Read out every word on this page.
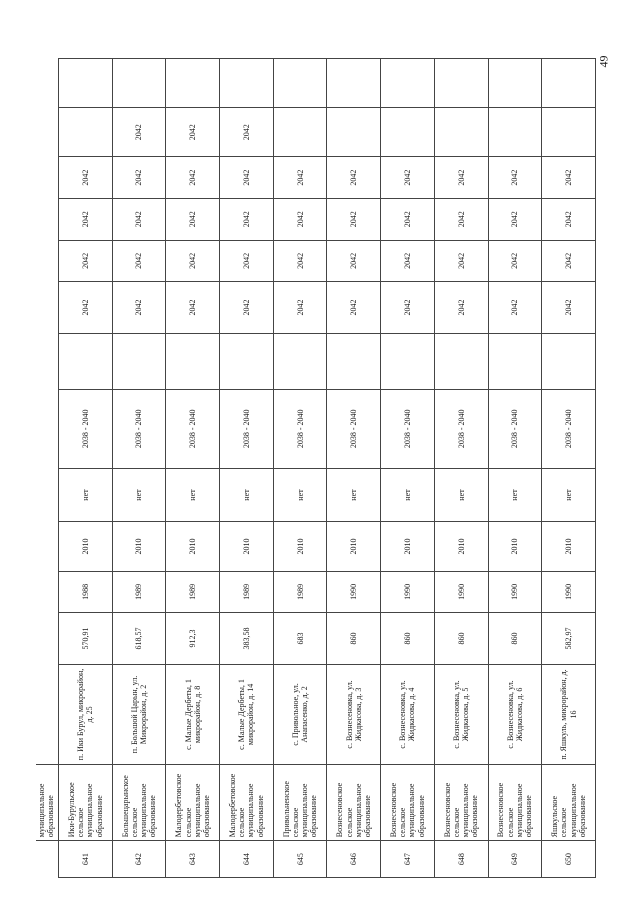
49
	муниципальное образование													
641	Ики-Бурульское сельское муниципальное образование	п. Ики Бурул, микрорайон, д. 25	570,91	1988	2010	нет	2038 - 2040		2042	2042	2042	2042		
642	Большецарынское сельское муниципальное образование	п. Большой Царын, ул. Микрорайон, д. 2	618,57	1989	2010	нет	2038 - 2040		2042	2042	2042	2042	2042	
643	Малодербетовское сельское муниципальное образование	с. Малые Дербеты, 1 микрорайон, д. 8	912,3	1989	2010	нет	2038 - 2040		2042	2042	2042	2042	2042	
644	Малодербетовское сельское муниципальное образование	с. Малые Дербеты, 1 микрорайон, д. 14	383,58	1989	2010	нет	2038 - 2040		2042	2042	2042	2042	2042	
645	Привольненское сельское муниципальное образование	с. Привольное, ул. Анапасенко, д. 2	683	1989	2010	нет	2038 - 2040		2042	2042	2042	2042		
646	Вознесеновское сельское муниципальное образование	с. Вознесеновка, ул. Жидкасова, д. 3	860	1990	2010	нет	2038 - 2040		2042	2042	2042	2042		
647	Вознесеновское сельское муниципальное образование	с. Вознесеновка, ул. Жидкасова, д. 4	860	1990	2010	нет	2038 - 2040		2042	2042	2042	2042		
648	Вознесеновское сельское муниципальное образование	с. Вознесеновка, ул. Жидкасова, д. 5	860	1990	2010	нет	2038 - 2040		2042	2042	2042	2042		
649	Вознесеновское сельское муниципальное образование	с. Вознесеновка, ул. Жидкасова, д. 6	860	1990	2010	нет	2038 - 2040		2042	2042	2042	2042		
650	Яшкульское сельское муниципальное образование	п. Яшкуль, микрорайон, д. 16	582,97	1990	2010	нет	2038 - 2040		2042	2042	2042	2042		
